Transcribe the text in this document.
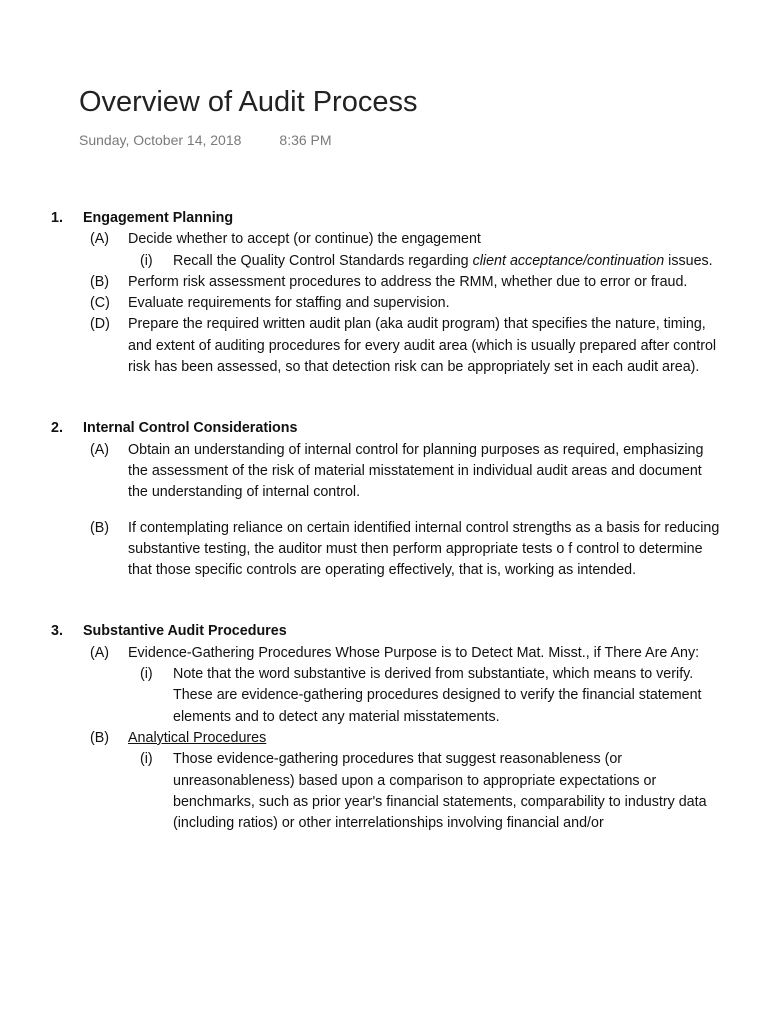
Overview of Audit Process
Sunday, October 14, 2018	8:36 PM
1. Engagement Planning
(A) Decide whether to accept (or continue) the engagement
(i) Recall the Quality Control Standards regarding client acceptance/continuation issues.
(B) Perform risk assessment procedures to address the RMM, whether due to error or fraud.
(C) Evaluate requirements for staffing and supervision.
(D) Prepare the required written audit plan (aka audit program) that specifies the nature, timing, and extent of auditing procedures for every audit area (which is usually prepared after control risk has been assessed, so that detection risk can be appropriately set in each audit area).
2. Internal Control Considerations
(A) Obtain an understanding of internal control for planning purposes as required, emphasizing the assessment of the risk of material misstatement in individual audit areas and document the understanding of internal control.
(B) If contemplating reliance on certain identified internal control strengths as a basis for reducing substantive testing, the auditor must then perform appropriate tests o f control to determine that those specific controls are operating effectively, that is, working as intended.
3. Substantive Audit Procedures
(A) Evidence-Gathering Procedures Whose Purpose is to Detect Mat. Misst., if There Are Any:
(i) Note that the word substantive is derived from substantiate, which means to verify. These are evidence-gathering procedures designed to verify the financial statement elements and to detect any material misstatements.
(B) Analytical Procedures
(i) Those evidence-gathering procedures that suggest reasonableness (or unreasonableness) based upon a comparison to appropriate expectations or benchmarks, such as prior year's financial statements, comparability to industry data (including ratios) or other interrelationships involving financial and/or
